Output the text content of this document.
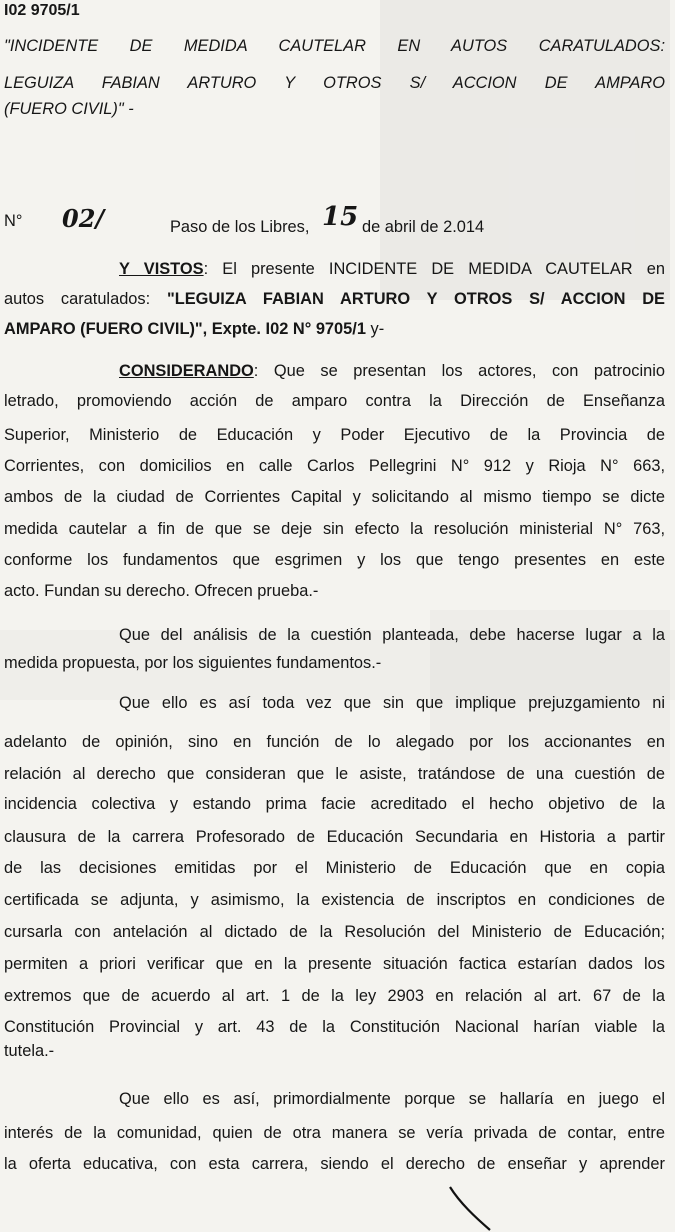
I02 9705/1
"INCIDENTE DE MEDIDA CAUTELAR EN AUTOS CARATULADOS:
LEGUIZA FABIAN ARTURO Y OTROS S/ ACCION DE AMPARO
(FUERO CIVIL)" -
N°	02/	Paso de los Libres, 15 de abril de 2.014
Y VISTOS: El presente INCIDENTE DE MEDIDA CAUTELAR en
autos caratulados: "LEGUIZA FABIAN ARTURO Y OTROS S/ ACCION DE
AMPARO (FUERO CIVIL)", Expte. I02 N° 9705/1 y-
CONSIDERANDO: Que se presentan los actores, con patrocinio
letrado, promoviendo acción de amparo contra la Dirección de Enseñanza
Superior, Ministerio de Educación y Poder Ejecutivo de la Provincia de
Corrientes, con domicilios en calle Carlos Pellegrini N° 912 y Rioja N° 663,
ambos de la ciudad de Corrientes Capital y solicitando al mismo tiempo se dicte
medida cautelar a fin de que se deje sin efecto la resolución ministerial N° 763,
conforme los fundamentos que esgrimen y los que tengo presentes en este
acto. Fundan su derecho. Ofrecen prueba.-
Que del análisis de la cuestión planteada, debe hacerse lugar a la
medida propuesta, por los siguientes fundamentos.-
Que ello es así toda vez que sin que implique prejuzgamiento ni
adelanto de opinión, sino en función de lo alegado por los accionantes en
relación al derecho que consideran que le asiste, tratándose de una cuestión de
incidencia colectiva y estando prima facie acreditado el hecho objetivo de la
clausura de la carrera Profesorado de Educación Secundaria en Historia a partir
de las decisiones emitidas por el Ministerio de Educación que en copia
certificada se adjunta, y asimismo, la existencia de inscriptos en condiciones de
cursarla con antelación al dictado de la Resolución del Ministerio de Educación;
permiten a priori verificar que en la presente situación factica estarían dados los
extremos que de acuerdo al art. 1 de la ley 2903 en relación al art. 67 de la
Constitución Provincial y art. 43 de la Constitución Nacional harían viable la
tutela.-
Que ello es así, primordialmente porque se hallaría en juego el
interés de la comunidad, quien de otra manera se vería privada de contar, entre
la oferta educativa, con esta carrera, siendo el derecho de enseñar y aprender
